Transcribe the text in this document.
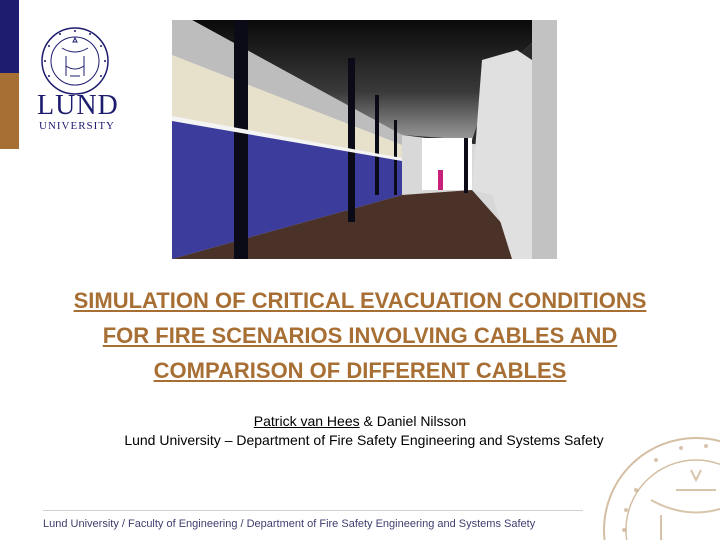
LUND
UNIVERSITY
SIMULATION OF CRITICAL EVACUATION CONDITIONS
FOR FIRE SCENARIOS INVOLVING CABLES AND
COMPARISON OF DIFFERENT CABLES
Patrick van Hees & Daniel Nilsson
Lund University – Department of Fire Safety Engineering and Systems Safety
Lund University / Faculty of Engineering / Department of Fire Safety Engineering and Systems Safety
